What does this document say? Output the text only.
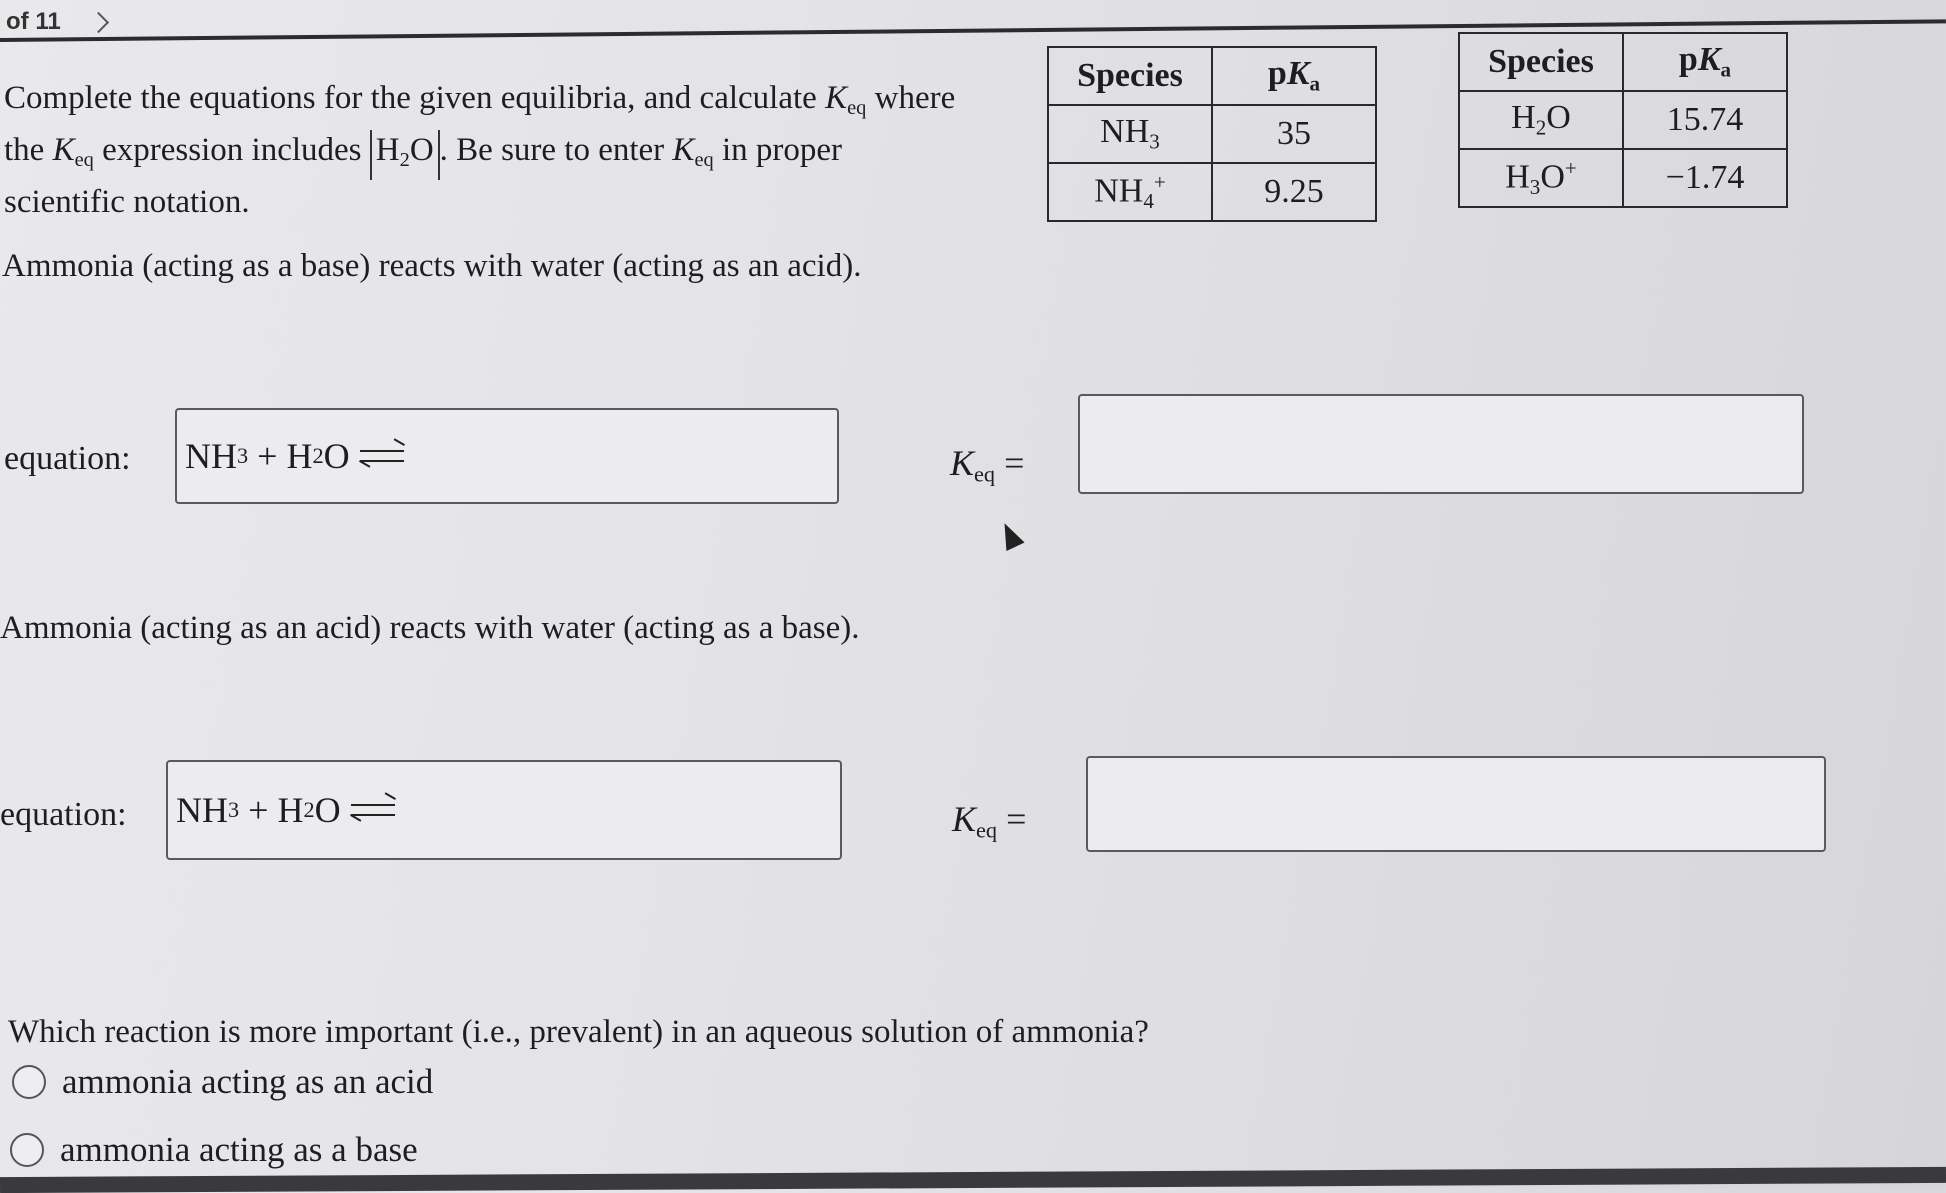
of 11
Complete the equations for the given equilibria, and calculate $K_{eq}$ where
the $K_{eq}$ expression includes $H_2O$ . Be sure to enter $K_{eq}$ in proper
scientific notation.
Species	$pK_a$
$NH_3$	35
$NH_4^+$	9.25
Species	$pK_a$
$H_2O$	15.74
$H_3O^+$	−1.74
Ammonia (acting as a base) reacts with water (acting as an acid).
equation: NH 3
+ H 2 O	$K_{eq}$ =
Ammonia (acting as an acid) reacts with water (acting as a base).
equation: NH 3
+ H 2 O	$K_{eq}$ =
Which reaction is more important (i.e., prevalent) in an aqueous solution of ammonia?
ammonia acting as an acid
ammonia acting as a base
